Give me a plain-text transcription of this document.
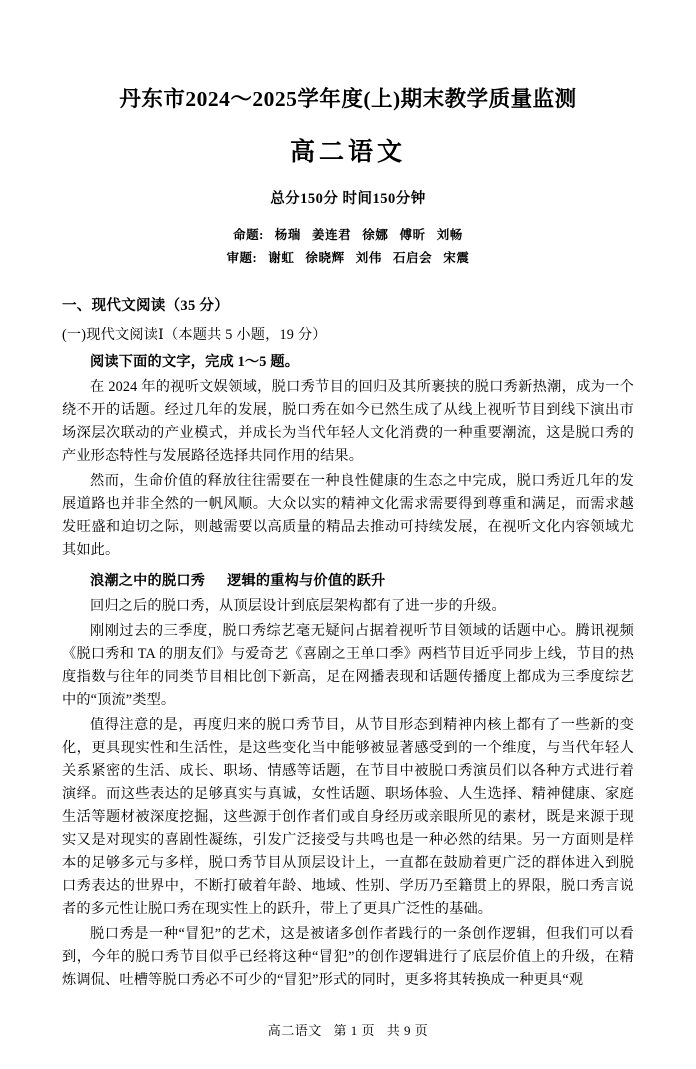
丹东市2024～2025学年度(上)期末教学质量监测
高二语文
总分150分 时间150分钟
命题: 杨瑞 姜连君 徐娜 傅昕 刘畅
审题: 谢虹 徐晓辉 刘伟 石启会 宋震
一、现代文阅读（35 分）
(一)现代文阅读Ⅰ（本题共 5 小题，19 分）
阅读下面的文字，完成 1～5 题。

在 2024 年的视听文娱领域，脱口秀节目的回归及其所裹挟的脱口秀新热潮，成为一个绕不开的话题。经过几年的发展，脱口秀在如今已然生成了从线上视听节目到线下演出市场深层次联动的产业模式，并成长为当代年轻人文化消费的一种重要潮流，这是脱口秀的产业形态特性与发展路径选择共同作用的结果。

然而，生命价值的释放往往需要在一种良性健康的生态之中完成，脱口秀近几年的发展道路也并非全然的一帆风顺。大众以实的精神文化需求需要得到尊重和满足，而需求越发旺盛和迫切之际，则越需要以高质量的精品去推动可持续发展，在视听文化内容领域尤其如此。

浪潮之中的脱口秀 逻辑的重构与价值的跃升

回归之后的脱口秀，从顶层设计到底层架构都有了进一步的升级。

刚刚过去的三季度，脱口秀综艺毫无疑问占据着视听节目领域的话题中心。腾讯视频《脱口秀和 TA 的朋友们》与爱奇艺《喜剧之王单口季》两档节目近乎同步上线，节目的热度指数与往年的同类节目相比创下新高，足在网播表现和话题传播度上都成为三季度综艺中的“顶流”类型。

值得注意的是，再度归来的脱口秀节目，从节目形态到精神内核上都有了一些新的变化，更具现实性和生活性，是这些变化当中能够被显著感受到的一个维度，与当代年轻人关系紧密的生活、成长、职场、情感等话题，在节目中被脱口秀演员们以各种方式进行着演绎。而这些表达的足够真实与真诚，女性话题、职场体验、人生选择、精神健康、家庭生活等题材被深度挖掘，这些源于创作者们或自身经历或亲眼所见的素材，既是来源于现实又是对现实的喜剧性凝练，引发广泛接受与共鸣也是一种必然的结果。另一方面则是样本的足够多元与多样，脱口秀节目从顶层设计上，一直都在鼓励着更广泛的群体进入到脱口秀表达的世界中，不断打破着年龄、地域、性别、学历乃至籍贯上的界限，脱口秀言说者的多元性让脱口秀在现实性上的跃升，带上了更具广泛性的基础。

脱口秀是一种“冒犯”的艺术，这是被诸多创作者践行的一条创作逻辑，但我们可以看到，今年的脱口秀节目似乎已经将这种“冒犯”的创作逻辑进行了底层价值上的升级，在精炼调侃、吐槽等脱口秀必不可少的“冒犯”形式的同时，更多将其转换成一种更具“观

高二语文 第 1 页 共 9 页
